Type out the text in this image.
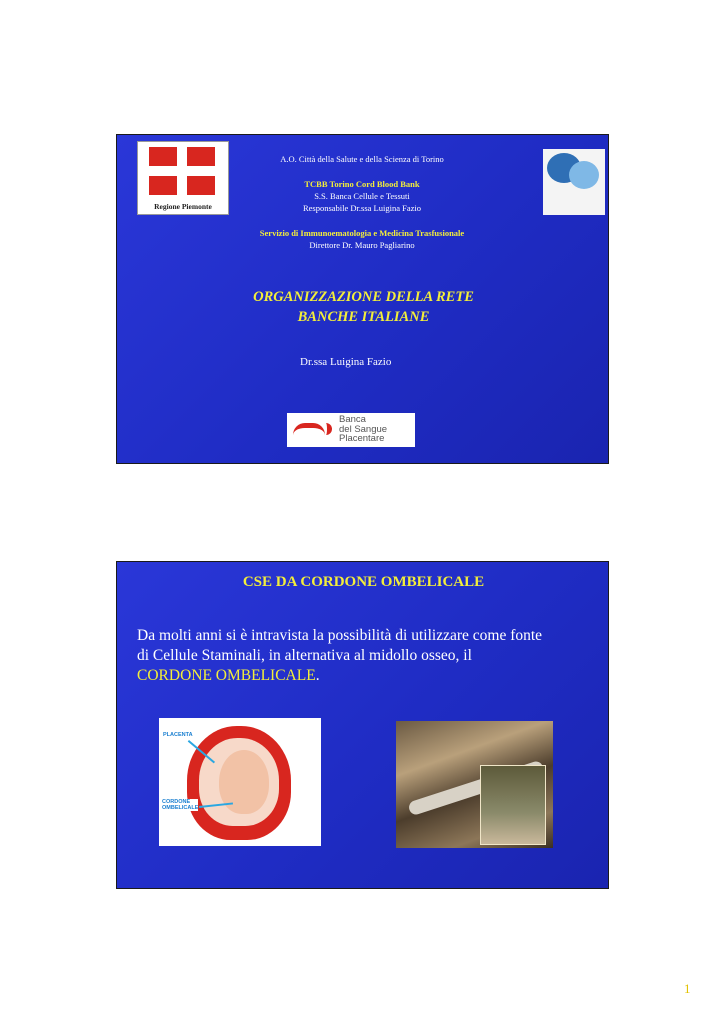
Regione Piemonte
A.O. Città della Salute e della Scienza di Torino
TCBB Torino Cord Blood Bank
S.S. Banca Cellule e Tessuti
Responsabile Dr.ssa Luigina Fazio
Servizio di Immunoematologia e Medicina Trasfusionale
Direttore Dr. Mauro Pagliarino
ORGANIZZAZIONE DELLA RETE
BANCHE ITALIANE
Dr.ssa Luigina Fazio
Banca
del Sangue
Placentare
CSE DA CORDONE OMBELICALE
Da molti anni si è intravista la possibilità di utilizzare come fonte
di Cellule Staminali, in alternativa al midollo osseo, il
CORDONE OMBELICALE.
PLACENTA
CORDONE
OMBELICALE
1
